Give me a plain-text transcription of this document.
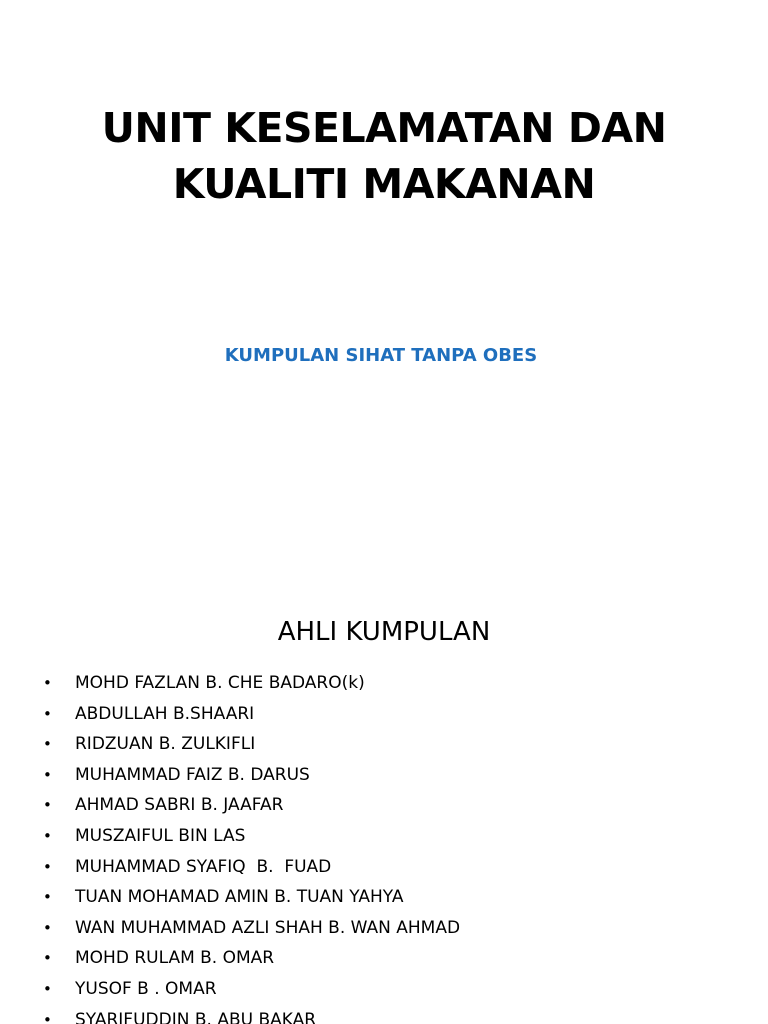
UNIT KESELAMATAN DAN
KUALITI MAKANAN

KUMPULAN SIHAT TANPA OBES

AHLI KUMPULAN
• MOHD FAZLAN B. CHE BADARO(k)
• ABDULLAH B.SHAARI
• RIDZUAN B. ZULKIFLI
• MUHAMMAD FAIZ B. DARUS
• AHMAD SABRI B. JAAFAR
• MUSZAIFUL BIN LAS
• MUHAMMAD SYAFIQ  B.  FUAD
• TUAN MOHAMAD AMIN B. TUAN YAHYA
• WAN MUHAMMAD AZLI SHAH B. WAN AHMAD
• MOHD RULAM B. OMAR
• YUSOF B . OMAR
• SYARIFUDDIN B. ABU BAKAR
